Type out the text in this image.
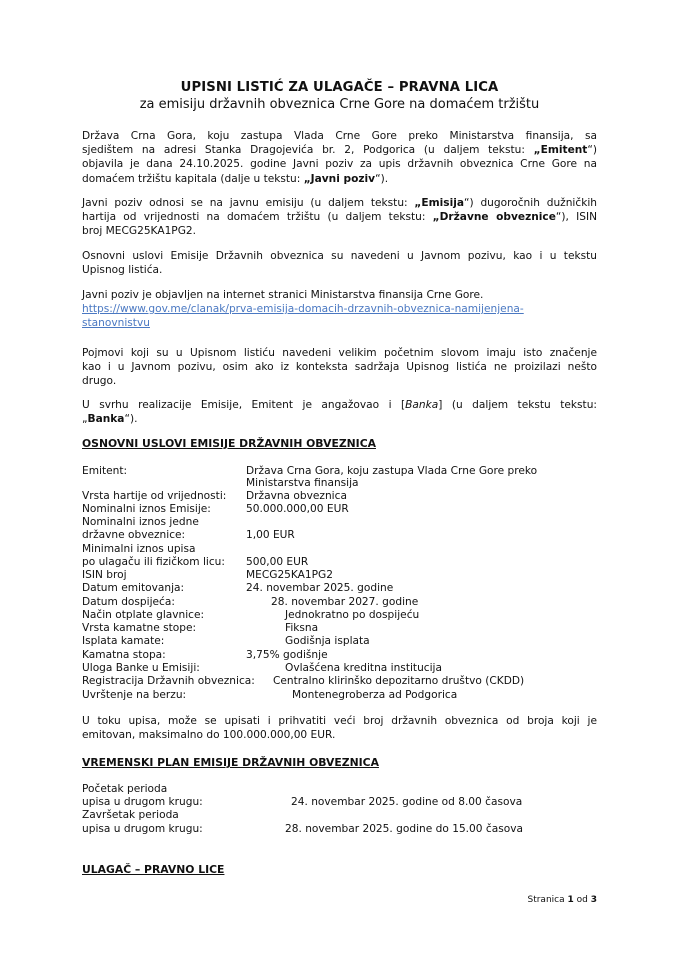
UPISNI LISTIĆ ZA ULAGAČE – PRAVNA LICA
za emisiju državnih obveznica Crne Gore na domaćem tržištu
Država Crna Gora, koju zastupa Vlada Crne Gore preko Ministarstva finansija, sa
sjedištem na adresi Stanka Dragojevića br. 2, Podgorica (u daljem tekstu: „Emitent“)
objavila je dana 24.10.2025. godine Javni poziv za upis državnih obveznica Crne Gore na
domaćem tržištu kapitala (dalje u tekstu: „Javni poziv“).
Javni poziv odnosi se na javnu emisiju (u daljem tekstu: „Emisija“) dugoročnih dužničkih
hartija od vrijednosti na domaćem tržištu (u daljem tekstu: „Državne obveznice“), ISIN
broj MECG25KA1PG2.
Osnovni uslovi Emisije Državnih obveznica su navedeni u Javnom pozivu, kao i u tekstu
Upisnog listića.
Javni poziv je objavljen na internet stranici Ministarstva finansija Crne Gore.
https://www.gov.me/clanak/prva-emisija-domacih-drzavnih-obveznica-namijenjena-
stanovnistvu
Pojmovi koji su u Upisnom listiću navedeni velikim početnim slovom imaju isto značenje
kao i u Javnom pozivu, osim ako iz konteksta sadržaja Upisnog listića ne proizilazi nešto
drugo.
U svrhu realizacije Emisije, Emitent je angažovao i [Banka] (u daljem tekstu tekstu:
„Banka“).
OSNOVNI USLOVI EMISIJE DRŽAVNIH OBVEZNICA
Emitent:	Država Crna Gora, koju zastupa Vlada Crne Gore preko
Ministarstva finansija
Vrsta hartije od vrijednosti: Državna obveznica
Nominalni iznos Emisije:	50.000.000,00 EUR
Nominalni iznos jedne
državne obveznice:	1,00 EUR
Minimalni iznos upisa
po ulagaču ili fizičkom licu: 500,00 EUR
ISIN broj	MECG25KA1PG2
Datum emitovanja:	24. novembar 2025. godine
Datum dospijeća:	28. novembar 2027. godine
Način otplate glavnice:	Jednokratno po dospijeću
Vrsta kamatne stope:	Fiksna
Isplata kamate:	Godišnja isplata
Kamatna stopa:	3,75% godišnje
Uloga Banke u Emisiji:	Ovlašćena kreditna institucija
Registracija Državnih obveznica: Centralno klirinško depozitarno društvo (CKDD)
Uvrštenje na berzu:	Montenegroberza ad Podgorica
U toku upisa, može se upisati i prihvatiti veći broj državnih obveznica od broja koji je
emitovan, maksimalno do 100.000.000,00 EUR.
VREMENSKI PLAN EMISIJE DRŽAVNIH OBVEZNICA
Početak perioda
upisa u drugom krugu:	24. novembar 2025. godine od 8.00 časova
Završetak perioda
upisa u drugom krugu:	28. novembar 2025. godine do 15.00 časova
ULAGAČ – PRAVNO LICE
Stranica 1 od 3
